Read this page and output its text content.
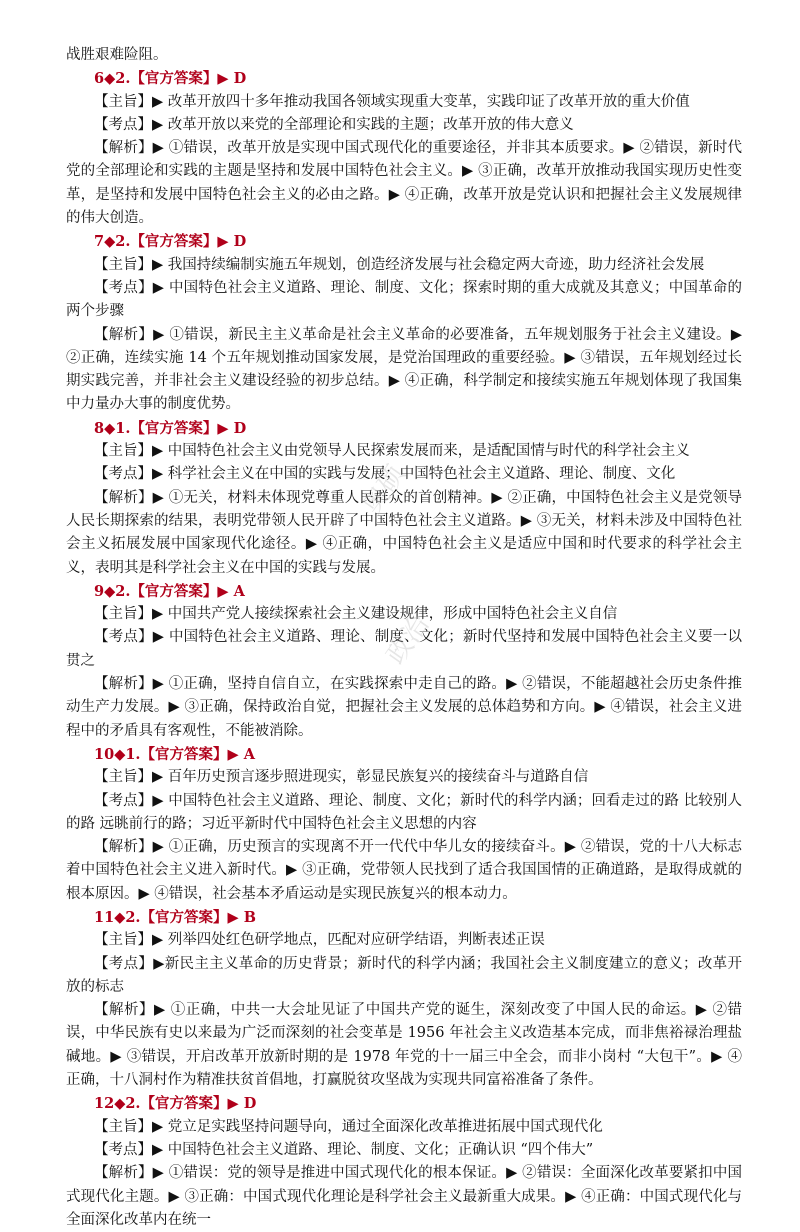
战胜艰难险阻。
6◆2.【官方答案】▶ D
【主旨】▶ 改革开放四十多年推动我国各领域实现重大变革，实践印证了改革开放的重大价值
【考点】▶ 改革开放以来党的全部理论和实践的主题；改革开放的伟大意义
【解析】▶ ①错误，改革开放是实现中国式现代化的重要途径，并非其本质要求。▶ ②错误，新时代党的全部理论和实践的主题是坚持和发展中国特色社会主义。▶ ③正确，改革开放推动我国实现历史性变革，是坚持和发展中国特色社会主义的必由之路。▶ ④正确，改革开放是党认识和把握社会主义发展规律的伟大创造。
7◆2.【官方答案】▶ D
【主旨】▶ 我国持续编制实施五年规划，创造经济发展与社会稳定两大奇迹，助力经济社会发展
【考点】▶ 中国特色社会主义道路、理论、制度、文化；探索时期的重大成就及其意义；中国革命的两个步骤
【解析】▶ ①错误，新民主主义革命是社会主义革命的必要准备，五年规划服务于社会主义建设。▶ ②正确，连续实施 14 个五年规划推动国家发展，是党治国理政的重要经验。▶ ③错误，五年规划经过长期实践完善，并非社会主义建设经验的初步总结。▶ ④正确，科学制定和接续实施五年规划体现了我国集中力量办大事的制度优势。
8◆1.【官方答案】▶ D
【主旨】▶ 中国特色社会主义由党领导人民探索发展而来，是适配国情与时代的科学社会主义
【考点】▶ 科学社会主义在中国的实践与发展；中国特色社会主义道路、理论、制度、文化
【解析】▶ ①无关，材料未体现党尊重人民群众的首创精神。▶ ②正确，中国特色社会主义是党领导人民长期探索的结果，表明党带领人民开辟了中国特色社会主义道路。▶ ③无关，材料未涉及中国特色社会主义拓展发展中国家现代化途径。▶ ④正确，中国特色社会主义是适应中国和时代要求的科学社会主义，表明其是科学社会主义在中国的实践与发展。
9◆2.【官方答案】▶ A
【主旨】▶ 中国共产党人接续探索社会主义建设规律，形成中国特色社会主义自信
【考点】▶ 中国特色社会主义道路、理论、制度、文化；新时代坚持和发展中国特色社会主义要一以贯之
【解析】▶ ①正确，坚持自信自立，在实践探索中走自己的路。▶ ②错误，不能超越社会历史条件推动生产力发展。▶ ③正确，保持政治自觉，把握社会主义发展的总体趋势和方向。▶ ④错误，社会主义进程中的矛盾具有客观性，不能被消除。
10◆1.【官方答案】▶ A
【主旨】▶ 百年历史预言逐步照进现实，彰显民族复兴的接续奋斗与道路自信
【考点】▶ 中国特色社会主义道路、理论、制度、文化；新时代的科学内涵；回看走过的路 比较别人的路 远眺前行的路；习近平新时代中国特色社会主义思想的内容
【解析】▶ ①正确，历史预言的实现离不开一代代中华儿女的接续奋斗。▶ ②错误，党的十八大标志着中国特色社会主义进入新时代。▶ ③正确，党带领人民找到了适合我国国情的正确道路，是取得成就的根本原因。▶ ④错误，社会基本矛盾运动是实现民族复兴的根本动力。
11◆2.【官方答案】▶ B
【主旨】▶ 列举四处红色研学地点，匹配对应研学结语，判断表述正误
【考点】▶新民主主义革命的历史背景；新时代的科学内涵；我国社会主义制度建立的意义；改革开放的标志
【解析】▶ ①正确，中共一大会址见证了中国共产党的诞生，深刻改变了中国人民的命运。▶ ②错误，中华民族有史以来最为广泛而深刻的社会变革是 1956 年社会主义改造基本完成，而非焦裕禄治理盐碱地。▶ ③错误，开启改革开放新时期的是 1978 年党的十一届三中全会，而非小岗村 “大包干”。▶ ④正确，十八洞村作为精准扶贫首倡地，打赢脱贫攻坚战为实现共同富裕准备了条件。
12◆2.【官方答案】▶ D
【主旨】▶ 党立足实践坚持问题导向，通过全面深化改革推进拓展中国式现代化
【考点】▶ 中国特色社会主义道路、理论、制度、文化；正确认识 “四个伟大”
【解析】▶ ①错误：党的领导是推进中国式现代化的根本保证。▶ ②错误：全面深化改革要紧扣中国式现代化主题。▶ ③正确：中国式现代化理论是科学社会主义最新重大成果。▶ ④正确：中国式现代化与全面深化改革内在统一
奥硕
政治
